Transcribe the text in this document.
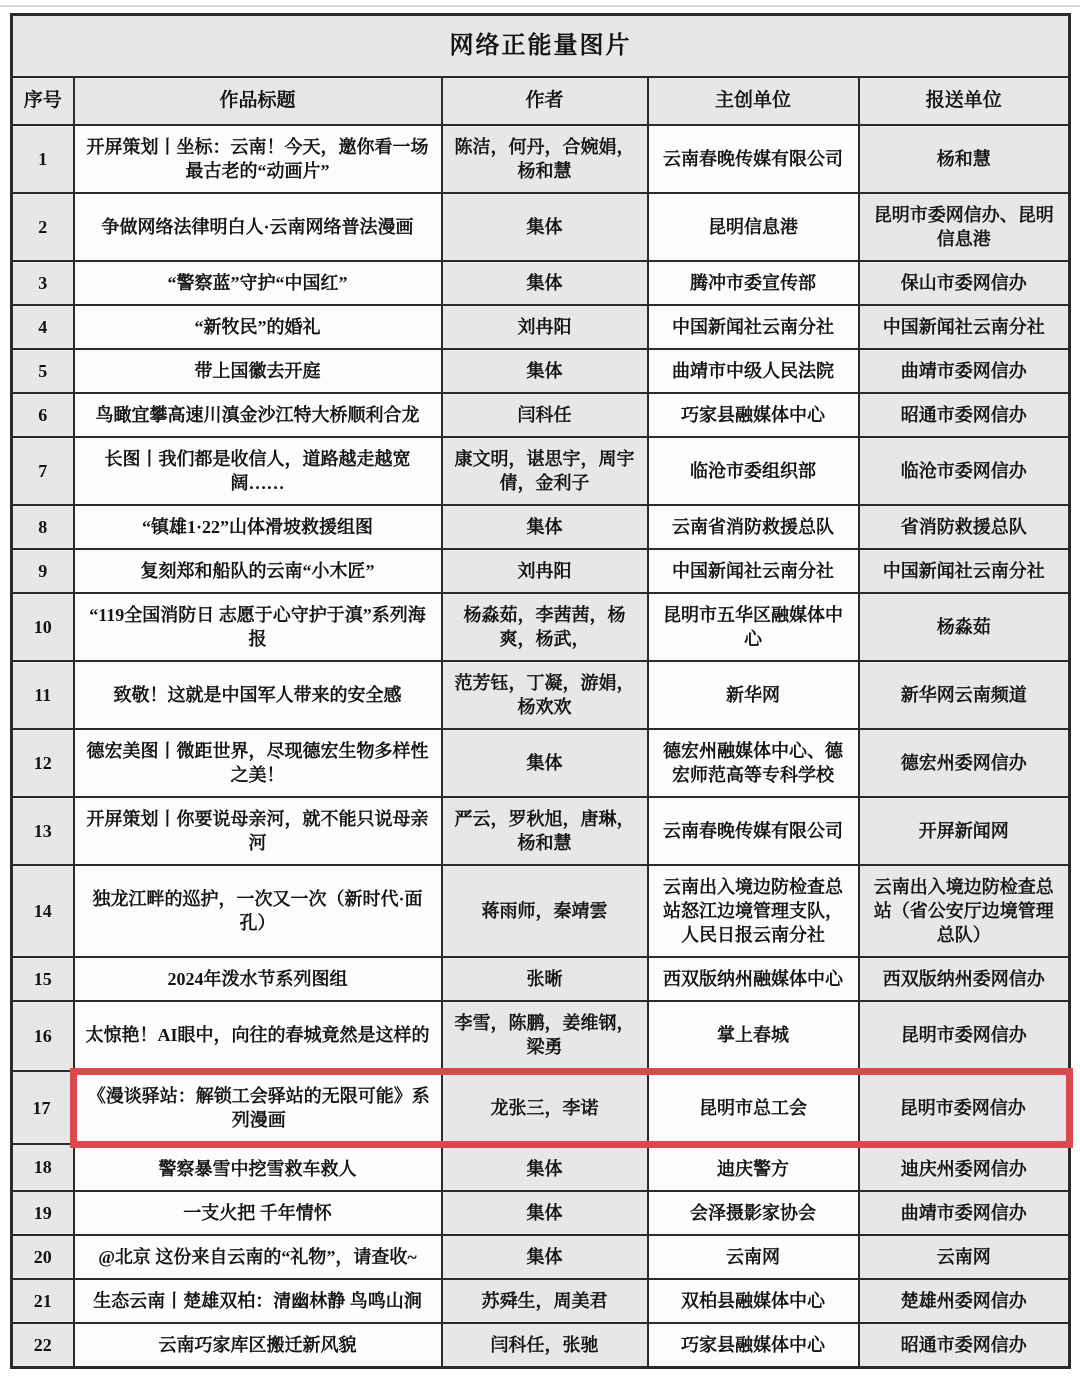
网络正能量图片				
序号	作品标题	作者	主创单位	报送单位
1	开屏策划丨坐标：云南！今天，邀你看一场最古老的“动画片”	陈洁，何丹，合婉娟，杨和慧	云南春晚传媒有限公司	杨和慧
2	争做网络法律明白人·云南网络普法漫画	集体	昆明信息港	昆明市委网信办、昆明信息港
3	“警察蓝”守护“中国红”	集体	腾冲市委宣传部	保山市委网信办
4	“新牧民”的婚礼	刘冉阳	中国新闻社云南分社	中国新闻社云南分社
5	带上国徽去开庭	集体	曲靖市中级人民法院	曲靖市委网信办
6	鸟瞰宜攀高速川滇金沙江特大桥顺利合龙	闫科任	巧家县融媒体中心	昭通市委网信办
7	长图丨我们都是收信人，道路越走越宽阔……	康文明，谌思宇，周宇倩，金利子	临沧市委组织部	临沧市委网信办
8	“镇雄1·22”山体滑坡救援组图	集体	云南省消防救援总队	省消防救援总队
9	复刻郑和船队的云南“小木匠”	刘冉阳	中国新闻社云南分社	中国新闻社云南分社
10	“119全国消防日 志愿于心守护于滇”系列海报	杨淼茹，李茜茜，杨爽，杨武，	昆明市五华区融媒体中心	杨淼茹
11	致敬！这就是中国军人带来的安全感	范芳钰，丁凝，游娟，杨欢欢	新华网	新华网云南频道
12	德宏美图丨微距世界，尽现德宏生物多样性之美！	集体	德宏州融媒体中心、德宏师范高等专科学校	德宏州委网信办
13	开屏策划丨你要说母亲河，就不能只说母亲河	严云，罗秋旭，唐琳，杨和慧	云南春晚传媒有限公司	开屏新闻网
14	独龙江畔的巡护，一次又一次（新时代·面孔）	蒋雨师，秦靖雲	云南出入境边防检查总站怒江边境管理支队，人民日报云南分社	云南出入境边防检查总站（省公安厅边境管理总队）
15	2024年泼水节系列图组	张晰	西双版纳州融媒体中心	西双版纳州委网信办
16	太惊艳！AI眼中，向往的春城竟然是这样的	李雪，陈鹏，姜维钢，梁勇	掌上春城	昆明市委网信办
17	《漫谈驿站：解锁工会驿站的无限可能》系列漫画	龙张三，李诺	昆明市总工会	昆明市委网信办
18	警察暴雪中挖雪救车救人	集体	迪庆警方	迪庆州委网信办
19	一支火把 千年情怀	集体	会泽摄影家协会	曲靖市委网信办
20	@北京 这份来自云南的“礼物”，请查收~	集体	云南网	云南网
21	生态云南丨楚雄双柏：清幽林静 鸟鸣山涧	苏舜生，周美君	双柏县融媒体中心	楚雄州委网信办
22	云南巧家库区搬迁新风貌	闫科任，张驰	巧家县融媒体中心	昭通市委网信办
